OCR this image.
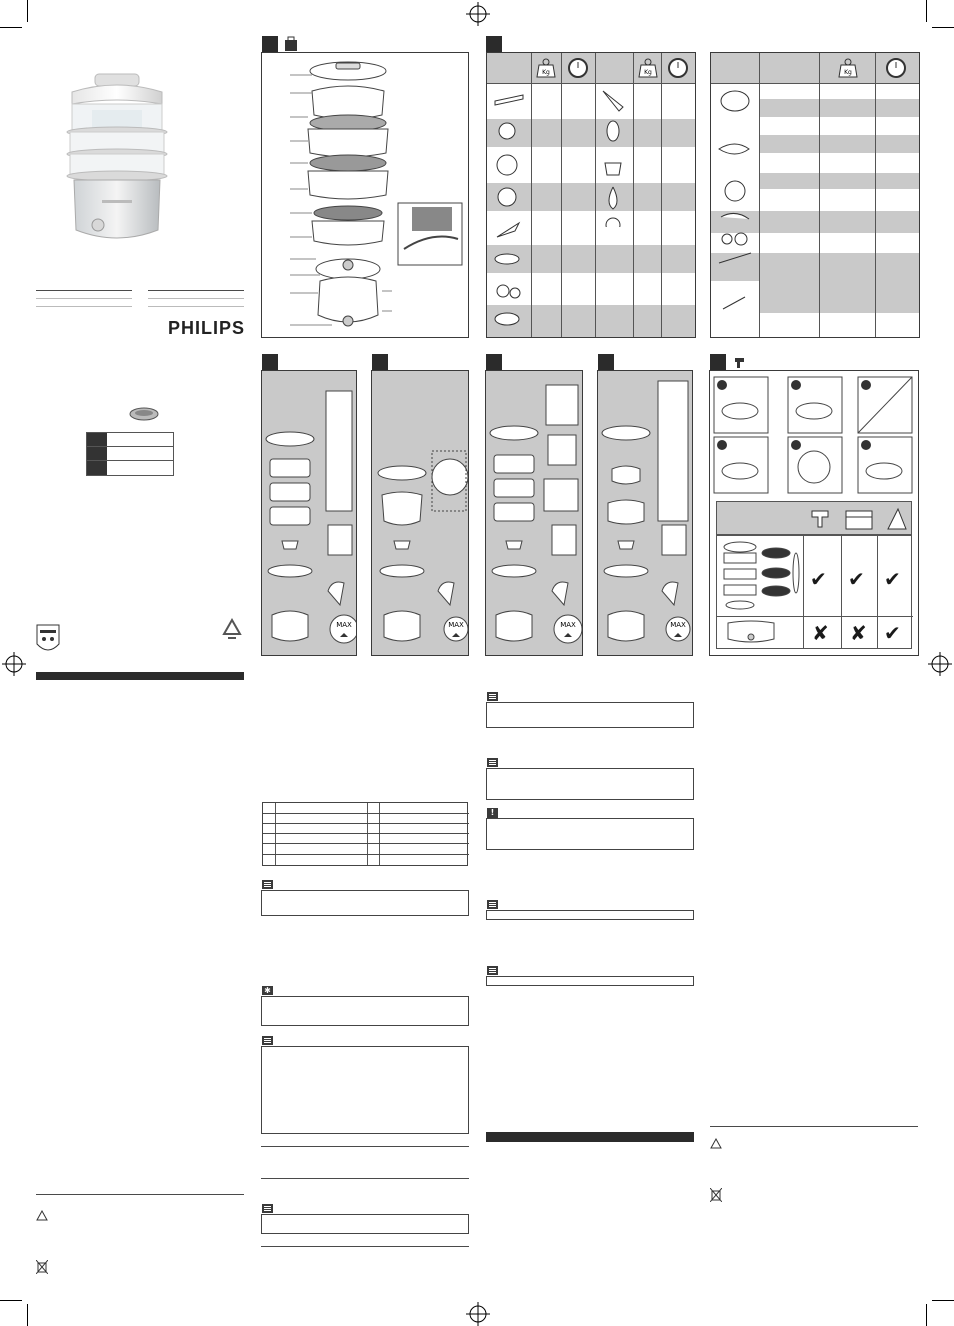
PHILIPS
Kg	Kg	Kg
MAX	MAX	MAX	MAX
✔ ✔ ✔
✘ ✘ ✔
✱
!
